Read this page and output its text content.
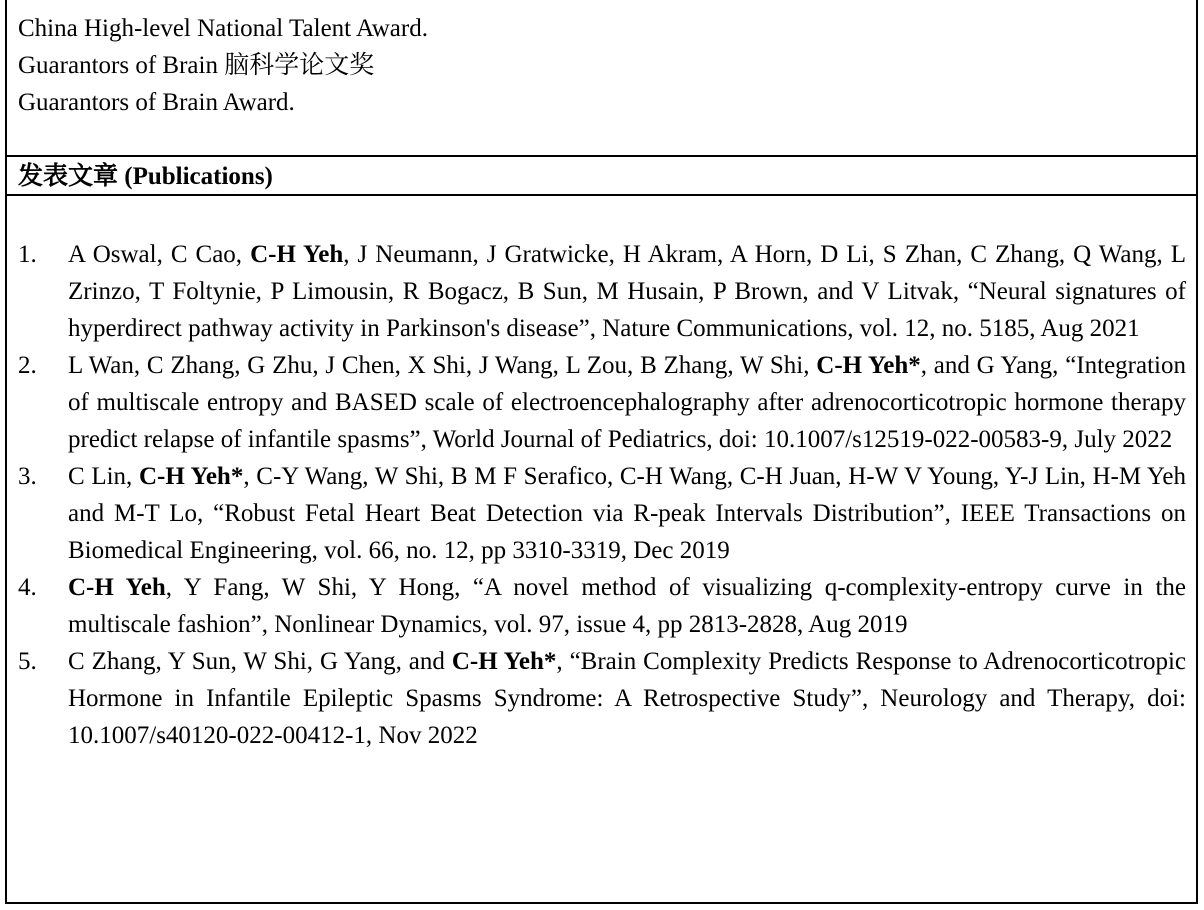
China High-level National Talent Award.
Guarantors of Brain 脑科学论文奖
Guarantors of Brain Award.
发表文章 (Publications)
1. A Oswal, C Cao, C-H Yeh, J Neumann, J Gratwicke, H Akram, A Horn, D Li, S Zhan, C Zhang, Q Wang, L Zrinzo, T Foltynie, P Limousin, R Bogacz, B Sun, M Husain, P Brown, and V Litvak, “Neural signatures of hyperdirect pathway activity in Parkinson's disease”, Nature Communications, vol. 12, no. 5185, Aug 2021
2. L Wan, C Zhang, G Zhu, J Chen, X Shi, J Wang, L Zou, B Zhang, W Shi, C-H Yeh*, and G Yang, “Integration of multiscale entropy and BASED scale of electroencephalography after adrenocorticotropic hormone therapy predict relapse of infantile spasms”, World Journal of Pediatrics, doi: 10.1007/s12519-022-00583-9, July 2022
3. C Lin, C-H Yeh*, C-Y Wang, W Shi, B M F Serafico, C-H Wang, C-H Juan, H-W V Young, Y-J Lin, H-M Yeh and M-T Lo, “Robust Fetal Heart Beat Detection via R-peak Intervals Distribution”, IEEE Transactions on Biomedical Engineering, vol. 66, no. 12, pp 3310-3319, Dec 2019
4. C-H Yeh, Y Fang, W Shi, Y Hong, “A novel method of visualizing q-complexity-entropy curve in the multiscale fashion”, Nonlinear Dynamics, vol. 97, issue 4, pp 2813-2828, Aug 2019
5. C Zhang, Y Sun, W Shi, G Yang, and C-H Yeh*, “Brain Complexity Predicts Response to Adrenocorticotropic Hormone in Infantile Epileptic Spasms Syndrome: A Retrospective Study”, Neurology and Therapy, doi: 10.1007/s40120-022-00412-1, Nov 2022
